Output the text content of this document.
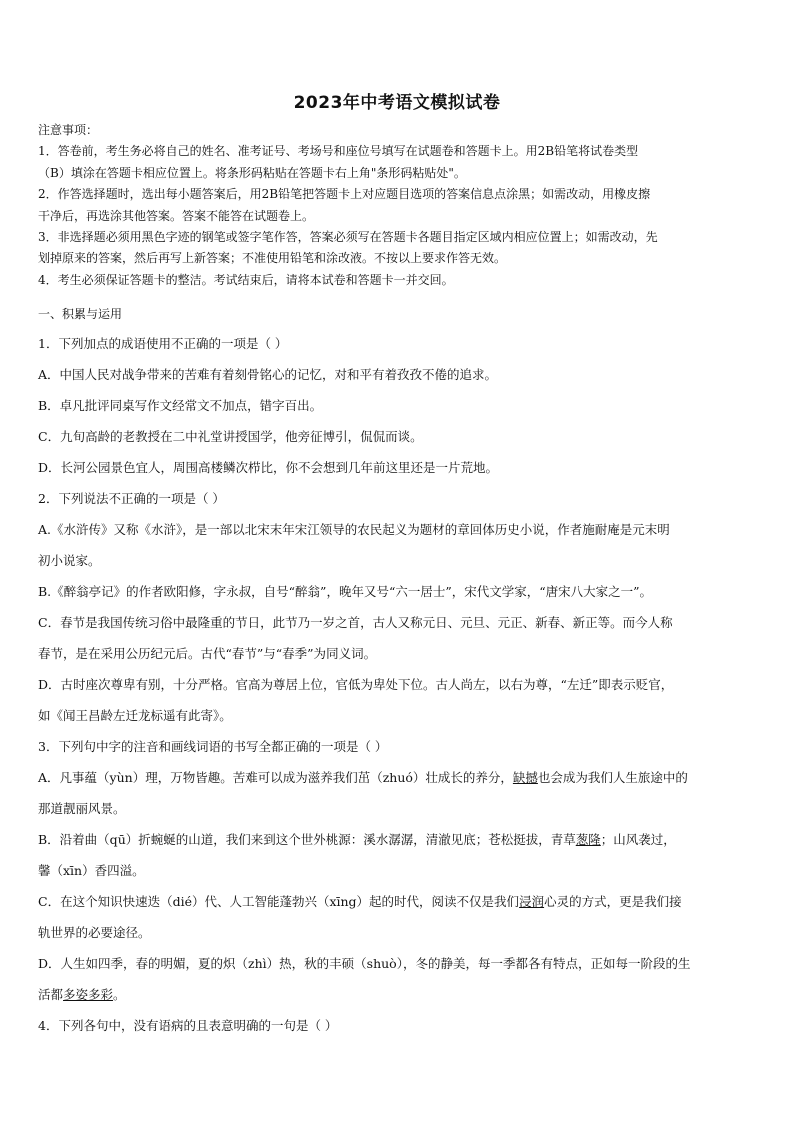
2023年中考语文模拟试卷

注意事项：

1．答卷前，考生务必将自己的姓名、准考证号、考场号和座位号填写在试题卷和答题卡上。用2B铅笔将试卷类型

（B）填涂在答题卡相应位置上。将条形码粘贴在答题卡右上角"条形码粘贴处"。

2．作答选择题时，选出每小题答案后，用2B铅笔把答题卡上对应题目选项的答案信息点涂黑；如需改动，用橡皮擦

干净后，再选涂其他答案。答案不能答在试题卷上。

3．非选择题必须用黑色字迹的钢笔或签字笔作答，答案必须写在答题卡各题目指定区域内相应位置上；如需改动，先

划掉原来的答案，然后再写上新答案；不准使用铅笔和涂改液。不按以上要求作答无效。

4．考生必须保证答题卡的整洁。考试结束后，请将本试卷和答题卡一并交回。

一、积累与运用

1．下列加点的成语使用不正确的一项是（ ）

A．中国人民对战争带来的苦难有着刻骨铭心的记忆，对和平有着孜孜不倦的追求。

B．卓凡批评同桌写作文经常文不加点，错字百出。

C．九旬高龄的老教授在二中礼堂讲授国学，他旁征博引，侃侃而谈。

D．长河公园景色宜人，周围高楼鳞次栉比，你不会想到几年前这里还是一片荒地。

2．下列说法不正确的一项是（ ）

A.《水浒传》又称《水浒》，是一部以北宋末年宋江领导的农民起义为题材的章回体历史小说，作者施耐庵是元末明

初小说家。

B.《醉翁亭记》的作者欧阳修，字永叔，自号“醉翁”，晚年又号“六一居士”，宋代文学家，“唐宋八大家之一”。

C．春节是我国传统习俗中最隆重的节日，此节乃一岁之首，古人又称元日、元旦、元正、新春、新正等。而今人称

春节，是在采用公历纪元后。古代“春节”与“春季”为同义词。

D．古时座次尊卑有别，十分严格。官高为尊居上位，官低为卑处下位。古人尚左，以右为尊，“左迁”即表示贬官，

如《闻王昌龄左迁龙标遥有此寄》。

3．下列句中字的注音和画线词语的书写全都正确的一项是（ ）

A．凡事蕴（yùn）理，万物皆趣。苦难可以成为滋养我们茁（zhuó）壮成长的养分，缺撼也会成为我们人生旅途中的

那道靓丽风景。

B．沿着曲（qū）折蜿蜒的山道，我们来到这个世外桃源：溪水潺潺，清澈见底；苍松挺拔，青草葱隆；山风袭过，

馨（xīn）香四溢。

C．在这个知识快速迭（dié）代、人工智能蓬勃兴（xīng）起的时代，阅读不仅是我们浸润心灵的方式，更是我们接

轨世界的必要途径。

D．人生如四季，春的明媚，夏的炽（zhì）热，秋的丰硕（shuò），冬的静美，每一季都各有特点，正如每一阶段的生

活都多姿多彩。

4．下列各句中，没有语病的且表意明确的一句是（ ）
